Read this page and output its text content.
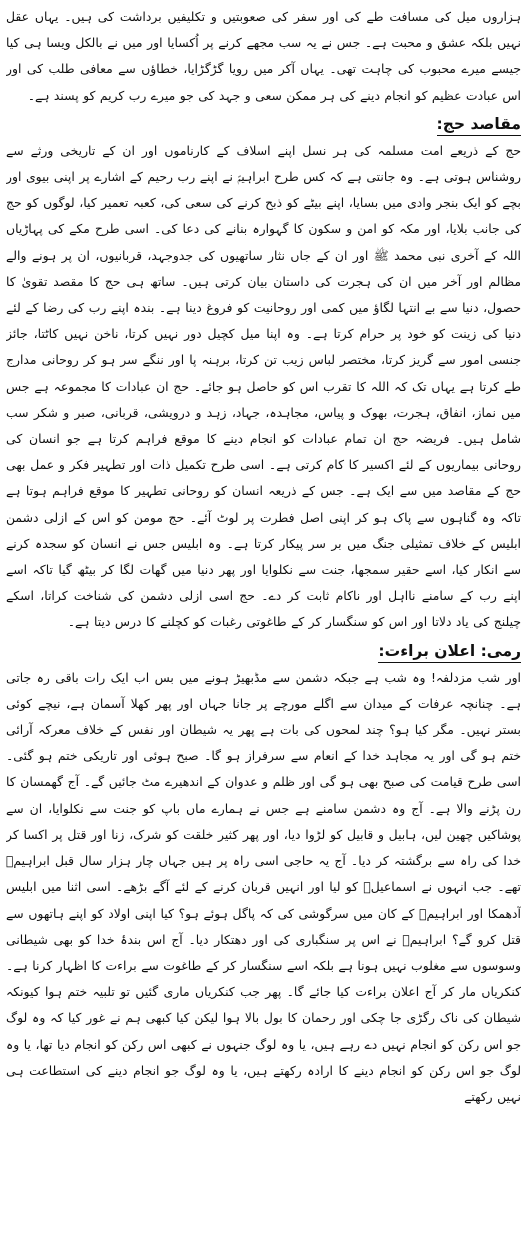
ہزاروں میل کی مسافت طے کی اور سفر کی صعوبتیں و تکلیفیں برداشت کی ہیں۔ یہاں عقل نہیں بلکہ عشق و محبت ہے۔ جس نے یہ سب مجھے کرنے پر اُکسایا اور میں نے بالکل ویسا ہی کیا جیسے میرے محبوب کی چاہت تھی۔ یہاں آکر میں رویا گڑگڑایا، خطاؤں سے معافی طلب کی اور اس عبادت عظیم کو انجام دینے کی ہر ممکن سعی و جہد کی جو میرے رب کریم کو پسند ہے۔

مقاصد حج:

حج کے ذریعے امت مسلمہ کی ہر نسل اپنے اسلاف کے کارناموں اور ان کے تاریخی ورثے سے روشناس ہوتی ہے۔ وہ جانتی ہے کہ کس طرح ابراہیمؑ نے اپنے رب رحیم کے اشارے پر اپنی بیوی اور بچے کو ایک بنجر وادی میں بسایا، اپنے بیٹے کو ذبح کرنے کی سعی کی، کعبہ تعمیر کیا، لوگوں کو حج کی جانب بلایا، اور مکہ کو امن و سکون کا گہوارہ بنانے کی دعا کی۔ اسی طرح مکے کی پہاڑیاں اللہ کے آخری نبی محمد ﷺ اور ان کے جاں نثار ساتھیوں کی جدوجہد، قربانیوں، ان پر ہونے والے مظالم اور آخر میں ان کی ہجرت کی داستان بیان کرتی ہیں۔ ساتھ ہی حج کا مقصد تقویٰ کا حصول، دنیا سے بے انتہا لگاؤ میں کمی اور روحانیت کو فروغ دینا ہے۔ بندہ اپنے رب کی رضا کے لئے دنیا کی زینت کو خود پر حرام کرتا ہے۔ وہ اپنا میل کچیل دور نہیں کرتا، ناخن نہیں کاٹتا، جائز جنسی امور سے گریز کرتا، مختصر لباس زیب تن کرتا، برہنہ پا اور ننگے سر ہو کر روحانی مدارج طے کرتا ہے یہاں تک کہ اللہ کا تقرب اس کو حاصل ہو جائے۔ حج ان عبادات کا مجموعہ ہے جس میں نماز، انفاق، ہجرت، بھوک و پیاس، مجاہدہ، جہاد، زہد و درویشی، قربانی، صبر و شکر سب شامل ہیں۔ فریضہ حج ان تمام عبادات کو انجام دینے کا موقع فراہم کرتا ہے جو انسان کی روحانی بیماریوں کے لئے اکسیر کا کام کرتی ہے۔ اسی طرح تکمیل ذات اور تطہیر فکر و عمل بھی حج کے مقاصد میں سے ایک ہے۔ جس کے ذریعہ انسان کو روحانی تطہیر کا موقع فراہم ہوتا ہے تاکہ وہ گناہوں سے پاک ہو کر اپنی اصل فطرت پر لوٹ آئے۔ حج مومن کو اس کے ازلی دشمن ابلیس کے خلاف تمثیلی جنگ میں بر سر پیکار کرتا ہے۔ وہ ابلیس جس نے انسان کو سجدہ کرنے سے انکار کیا، اسے حقیر سمجھا، جنت سے نکلوایا اور پھر دنیا میں گھات لگا کر بیٹھ گیا تاکہ اسے اپنے رب کے سامنے نااہل اور ناکام ثابت کر دے۔ حج اسی ازلی دشمن کی شناخت کراتا، اسکے چیلنج کی یاد دلاتا اور اس کو سنگسار کر کے طاغوتی رغبات کو کچلنے کا درس دیتا ہے۔

رمی: اعلان براءت:

اور شب مزدلفہ! وہ شب ہے جبکہ دشمن سے مڈبھیڑ ہونے میں بس اب ایک رات باقی رہ جاتی ہے۔ چنانچہ عرفات کے میدان سے اگلے مورچے پر جانا جہاں اور پھر کھلا آسمان ہے، نیچے کوئی بستر نہیں۔ مگر کیا ہو؟ چند لمحوں کی بات ہے پھر یہ شیطان اور نفس کے خلاف معرکہ آرائی ختم ہو گی اور یہ مجاہد خدا کے انعام سے سرفراز ہو گا۔ صبح ہوئی اور تاریکی ختم ہو گئی۔ اسی طرح قیامت کی صبح بھی ہو گی اور ظلم و عدوان کے اندھیرے مٹ جائیں گے۔ آج گھمسان کا رن پڑنے والا ہے۔ آج وہ دشمن سامنے ہے جس نے ہمارے ماں باپ کو جنت سے نکلوایا، ان سے پوشاکیں چھین لیں، ہابیل و قابیل کو لڑوا دیا، اور پھر کثیر خلقت کو شرک، زنا اور قتل پر اکسا کر خدا کی راہ سے برگشتہ کر دیا۔ آج یہ حاجی اسی راہ پر ہیں جہاں چار ہزار سال قبل ابراہیمؑ تھے۔ جب انہوں نے اسماعیلؑ کو لیا اور انہیں قربان کرنے کے لئے آگے بڑھے۔ اسی اثنا میں ابلیس آدھمکا اور ابراہیمؑ کے کان میں سرگوشی کی کہ پاگل ہوئے ہو؟ کیا اپنی اولاد کو اپنے ہاتھوں سے قتل کرو گے؟ ابراہیمؑ نے اس پر سنگباری کی اور دھتکار دیا۔ آج اس بندۂ خدا کو بھی شیطانی وسوسوں سے مغلوب نہیں ہونا ہے بلکہ اسے سنگسار کر کے طاغوت سے براءت کا اظہار کرنا ہے۔ کنکریاں مار کر آج اعلان براءت کیا جائے گا۔ پھر جب کنکریاں ماری گئیں تو تلبیہ ختم ہوا کیونکہ شیطان کی ناک رگڑی جا چکی اور رحمان کا بول بالا ہوا لیکن کیا کبھی ہم نے غور کیا کہ وہ لوگ جو اس رکن کو انجام نہیں دے رہے ہیں، یا وہ لوگ جنہوں نے کبھی اس رکن کو انجام دیا تھا، یا وہ لوگ جو اس رکن کو انجام دینے کا ارادہ رکھتے ہیں، یا وہ لوگ جو انجام دینے کی استطاعت ہی نہیں رکھتے
